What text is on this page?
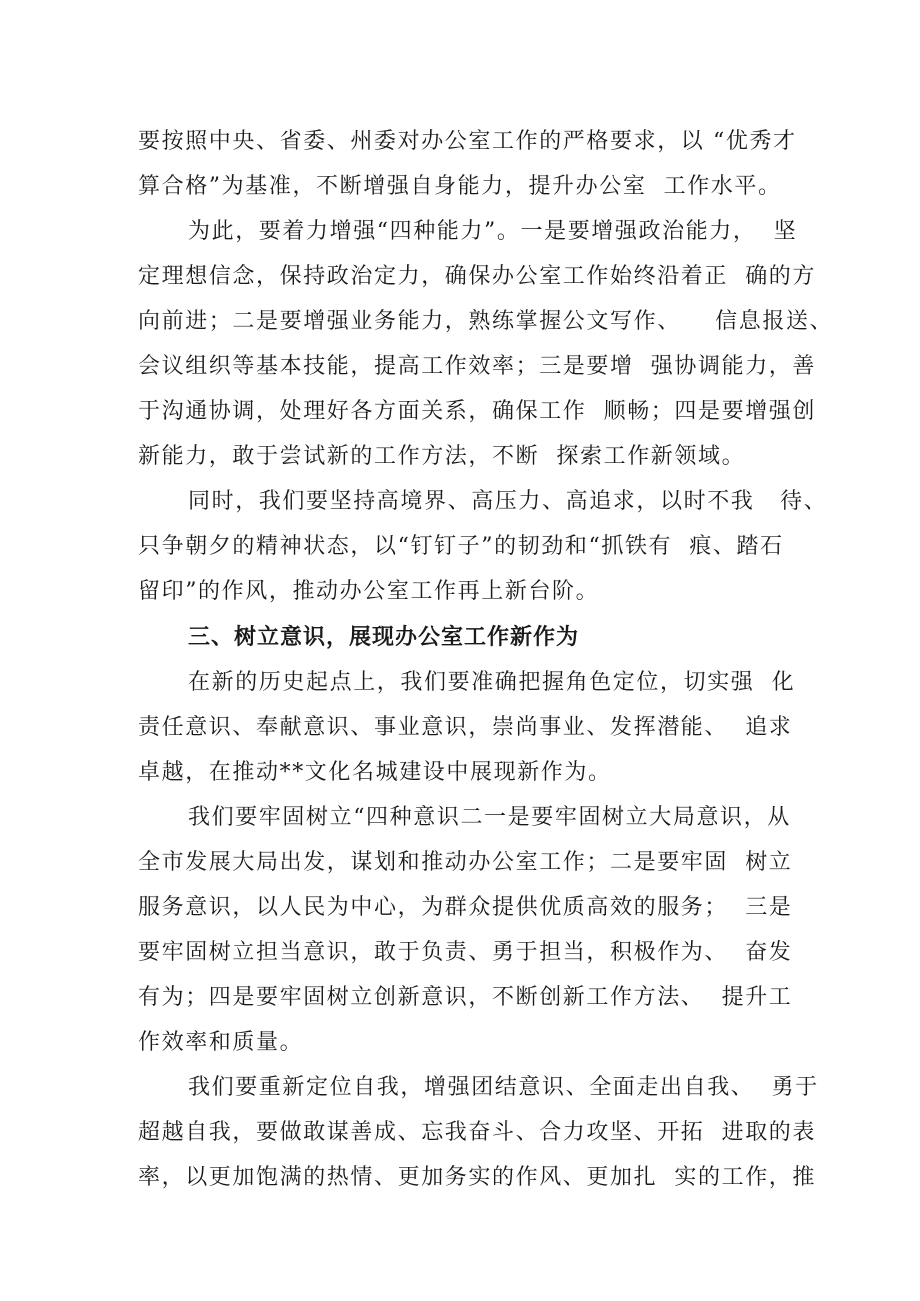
要按照中央、省委、州委对办公室工作的严格要求，以 “优秀才
算合格”为基准，不断增强自身能力，提升办公室  工作水平。
为此，要着力增强“四种能力”。一是要增强政治能力，  坚
定理想信念，保持政治定力，确保办公室工作始终沿着正  确的方
向前进；二是要增强业务能力，熟练掌握公文写作、    信息报送、
会议组织等基本技能，提高工作效率；三是要增  强协调能力，善
于沟通协调，处理好各方面关系，确保工作  顺畅；四是要增强创
新能力，敢于尝试新的工作方法，不断  探索工作新领域。
同时，我们要坚持高境界、高压力、高追求，以时不我   待、
只争朝夕的精神状态，以“钉钉子”的韧劲和“抓铁有  痕、踏石
留印”的作风，推动办公室工作再上新台阶。
三、树立意识，展现办公室工作新作为
在新的历史起点上，我们要准确把握角色定位，切实强  化
责任意识、奉献意识、事业意识，崇尚事业、发挥潜能、  追求
卓越，在推动**文化名城建设中展现新作为。
我们要牢固树立“四种意识二一是要牢固树立大局意识，从
全市发展大局出发，谋划和推动办公室工作；二是要牢固  树立
服务意识，以人民为中心，为群众提供优质高效的服务；  三是
要牢固树立担当意识，敢于负责、勇于担当，积极作为、  奋发
有为；四是要牢固树立创新意识，不断创新工作方法、  提升工
作效率和质量。
我们要重新定位自我，增强团结意识、全面走出自我、  勇于
超越自我，要做敢谋善成、忘我奋斗、合力攻坚、开拓  进取的表
率，以更加饱满的热情、更加务实的作风、更加扎  实的工作，推
